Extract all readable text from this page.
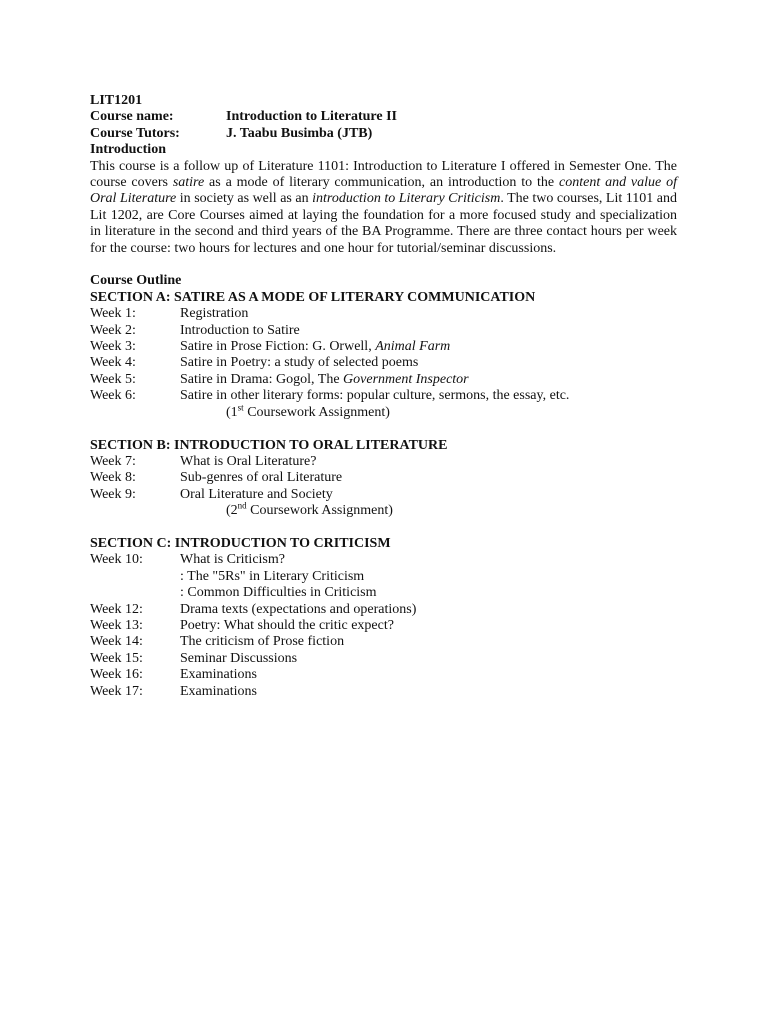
LIT1201
Course name:	Introduction to Literature II
Course Tutors:	J. Taabu Busimba (JTB)
Introduction

This course is a follow up of Literature 1101: Introduction to Literature I offered in Semester One. The course covers satire as a mode of literary communication, an introduction to the content and value of Oral Literature in society as well as an introduction to Literary Criticism. The two courses, Lit 1101 and Lit 1202, are Core Courses aimed at laying the foundation for a more focused study and specialization in literature in the second and third years of the BA Programme. There are three contact hours per week for the course: two hours for lectures and one hour for tutorial/seminar discussions.

Course Outline
SECTION A: SATIRE AS A MODE OF LITERARY COMMUNICATION
Week 1:	Registration
Week 2:	Introduction to Satire
Week 3:	Satire in Prose Fiction: G. Orwell, Animal Farm
Week 4:	Satire in Poetry: a study of selected poems
Week 5:	Satire in Drama: Gogol, The Government Inspector
Week 6:	Satire in other literary forms: popular culture, sermons, the essay, etc.
(1st Coursework Assignment)
SECTION B: INTRODUCTION TO ORAL LITERATURE
Week 7:	What is Oral Literature?
Week 8:	Sub-genres of oral Literature
Week 9:	Oral Literature and Society
(2nd Coursework Assignment)
SECTION C: INTRODUCTION TO CRITICISM
Week 10:	What is Criticism?
: The "5Rs" in Literary Criticism
: Common Difficulties in Criticism
Week 12:	Drama texts (expectations and operations)
Week 13:	Poetry: What should the critic expect?
Week 14:	The criticism of Prose fiction
Week 15:	Seminar Discussions
Week 16:	Examinations
Week 17:	Examinations
